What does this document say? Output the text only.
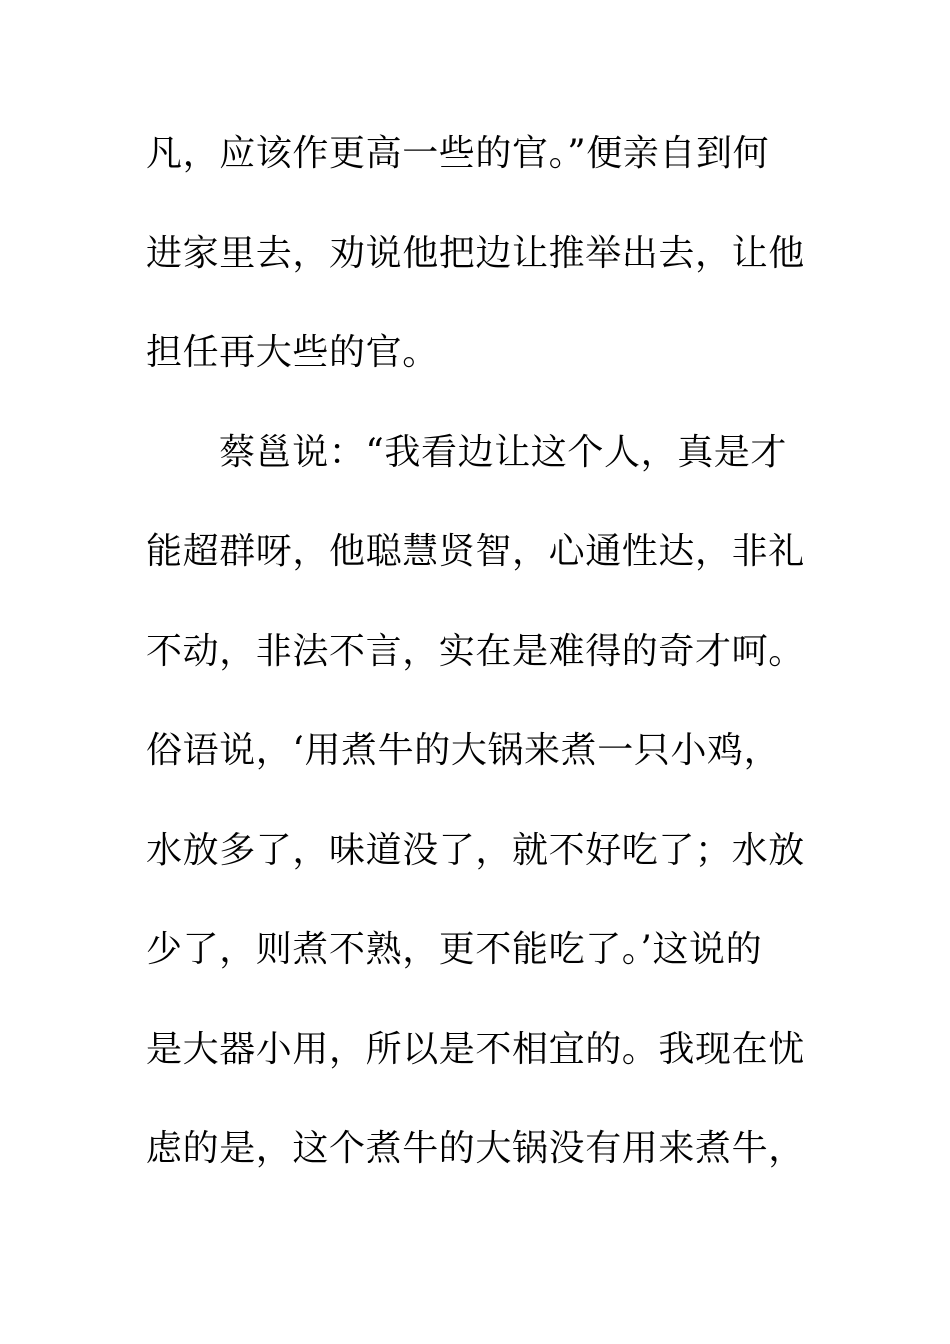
凡，应该作更高一些的官。”便亲自到何
进家里去，劝说他把边让推举出去，让他
担任再大些的官。
蔡邕说：“我看边让这个人，真是才
能超群呀，他聪慧贤智，心通性达，非礼
不动，非法不言，实在是难得的奇才呵。
俗语说，‘用煮牛的大锅来煮一只小鸡，
水放多了，味道没了，就不好吃了；水放
少了，则煮不熟，更不能吃了。’这说的
是大器小用，所以是不相宜的。我现在忧
虑的是，这个煮牛的大锅没有用来煮牛，
